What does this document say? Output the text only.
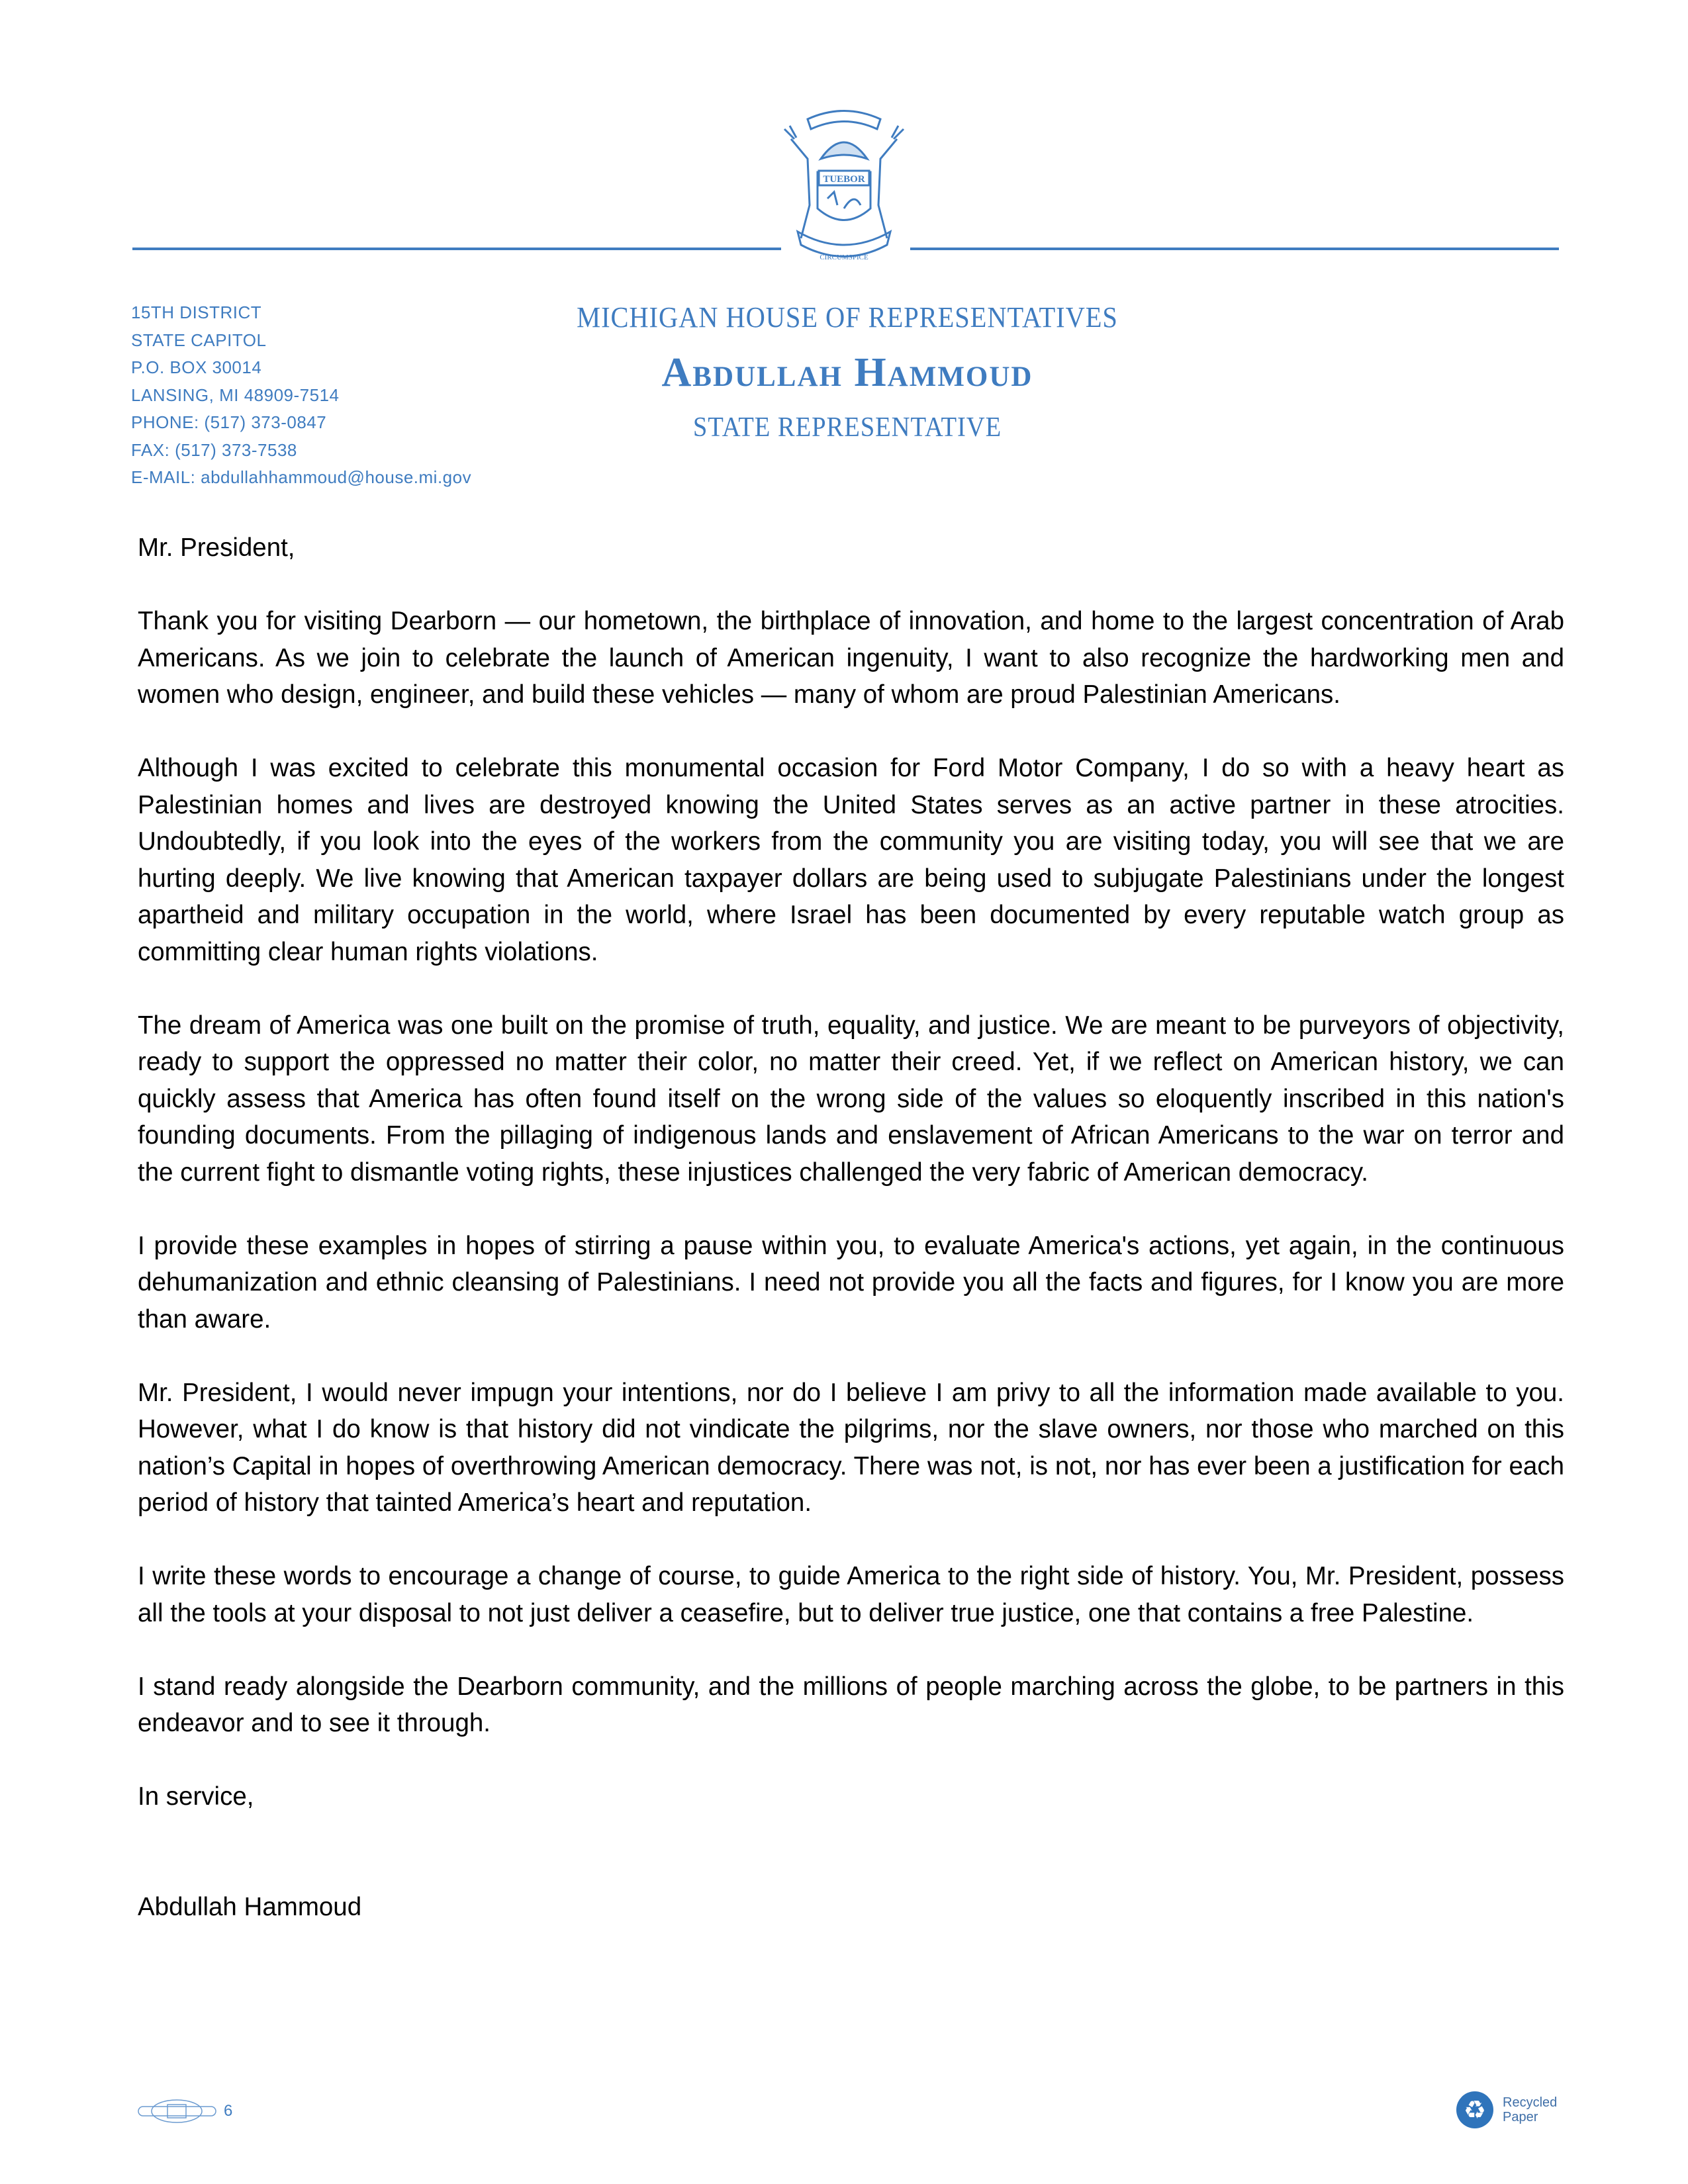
TUEBOR
CIRCUMSPICE
15TH DISTRICT
STATE CAPITOL
P.O. BOX 30014
LANSING, MI 48909-7514
PHONE: (517) 373-0847
FAX: (517) 373-7538
E-MAIL: abdullahhammoud@house.mi.gov
MICHIGAN HOUSE OF REPRESENTATIVES
Abdullah Hammoud
STATE REPRESENTATIVE

Mr. President,

Thank you for visiting Dearborn — our hometown, the birthplace of innovation, and home to the largest concentration of Arab Americans. As we join to celebrate the launch of American ingenuity, I want to also recognize the hardworking men and women who design, engineer, and build these vehicles — many of whom are proud Palestinian Americans.

Although I was excited to celebrate this monumental occasion for Ford Motor Company, I do so with a heavy heart as Palestinian homes and lives are destroyed knowing the United States serves as an active partner in these atrocities. Undoubtedly, if you look into the eyes of the workers from the community you are visiting today, you will see that we are hurting deeply. We live knowing that American taxpayer dollars are being used to subjugate Palestinians under the longest apartheid and military occupation in the world, where Israel has been documented by every reputable watch group as committing clear human rights violations.

The dream of America was one built on the promise of truth, equality, and justice. We are meant to be purveyors of objectivity, ready to support the oppressed no matter their color, no matter their creed. Yet, if we reflect on American history, we can quickly assess that America has often found itself on the wrong side of the values so eloquently inscribed in this nation's founding documents. From the pillaging of indigenous lands and enslavement of African Americans to the war on terror and the current fight to dismantle voting rights, these injustices challenged the very fabric of American democracy.

I provide these examples in hopes of stirring a pause within you, to evaluate America's actions, yet again, in the continuous dehumanization and ethnic cleansing of Palestinians. I need not provide you all the facts and figures, for I know you are more than aware.

Mr. President, I would never impugn your intentions, nor do I believe I am privy to all the information made available to you. However, what I do know is that history did not vindicate the pilgrims, nor the slave owners, nor those who marched on this nation’s Capital in hopes of overthrowing American democracy. There was not, is not, nor has ever been a justification for each period of history that tainted America’s heart and reputation.

I write these words to encourage a change of course, to guide America to the right side of history. You, Mr. President, possess all the tools at your disposal to not just deliver a ceasefire, but to deliver true justice, one that contains a free Palestine.

I stand ready alongside the Dearborn community, and the millions of people marching across the globe, to be partners in this endeavor and to see it through.

In service,

Abdullah Hammoud

6	♻	Recycled
Paper
